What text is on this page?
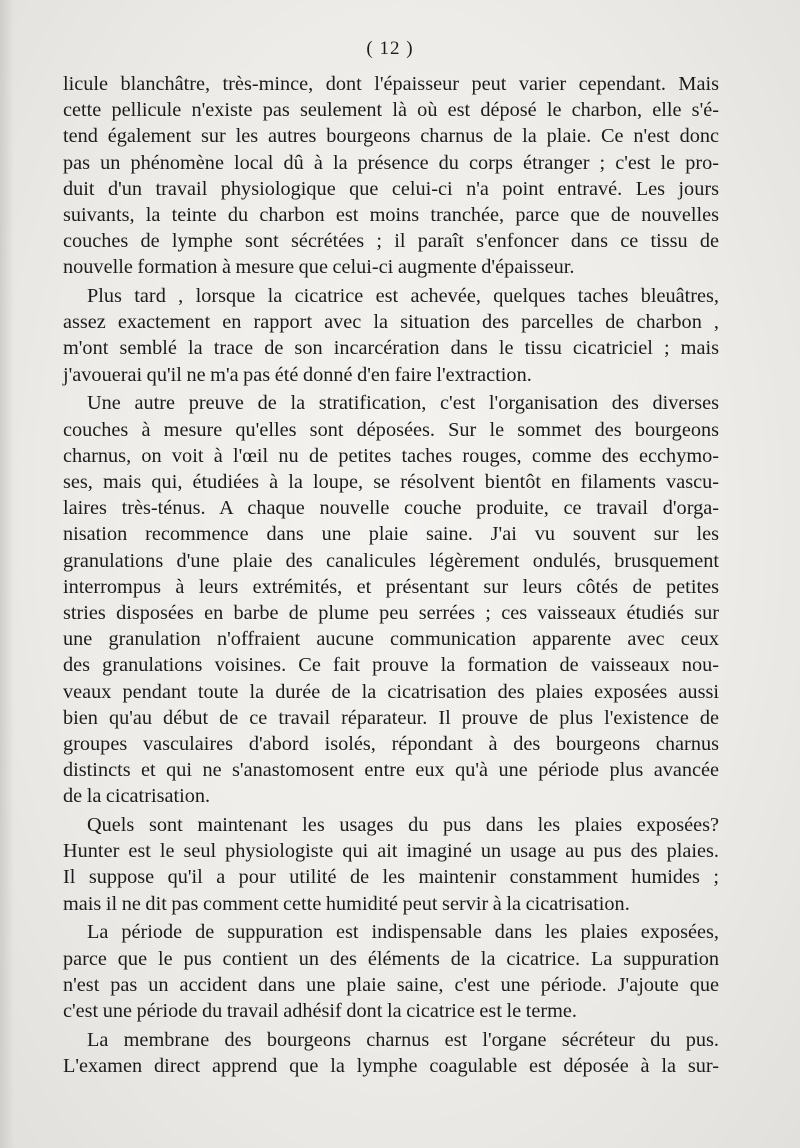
( 12 )
licule blanchâtre, très-mince, dont l'épaisseur peut varier cependant. Mais
cette pellicule n'existe pas seulement là où est déposé le charbon, elle s'é-
tend également sur les autres bourgeons charnus de la plaie. Ce n'est donc
pas un phénomène local dû à la présence du corps étranger ; c'est le pro-
duit d'un travail physiologique que celui-ci n'a point entravé. Les jours
suivants, la teinte du charbon est moins tranchée, parce que de nouvelles
couches de lymphe sont sécrétées ; il paraît s'enfoncer dans ce tissu de
nouvelle formation à mesure que celui-ci augmente d'épaisseur.
Plus tard , lorsque la cicatrice est achevée, quelques taches bleuâtres,
assez exactement en rapport avec la situation des parcelles de charbon ,
m'ont semblé la trace de son incarcération dans le tissu cicatriciel ; mais
j'avouerai qu'il ne m'a pas été donné d'en faire l'extraction.
Une autre preuve de la stratification, c'est l'organisation des diverses
couches à mesure qu'elles sont déposées. Sur le sommet des bourgeons
charnus, on voit à l'œil nu de petites taches rouges, comme des ecchymo-
ses, mais qui, étudiées à la loupe, se résolvent bientôt en filaments vascu-
laires très-ténus. A chaque nouvelle couche produite, ce travail d'orga-
nisation recommence dans une plaie saine. J'ai vu souvent sur les
granulations d'une plaie des canalicules légèrement ondulés, brusquement
interrompus à leurs extrémités, et présentant sur leurs côtés de petites
stries disposées en barbe de plume peu serrées ; ces vaisseaux étudiés sur
une granulation n'offraient aucune communication apparente avec ceux
des granulations voisines. Ce fait prouve la formation de vaisseaux nou-
veaux pendant toute la durée de la cicatrisation des plaies exposées aussi
bien qu'au début de ce travail réparateur. Il prouve de plus l'existence de
groupes vasculaires d'abord isolés, répondant à des bourgeons charnus
distincts et qui ne s'anastomosent entre eux qu'à une période plus avancée
de la cicatrisation.
Quels sont maintenant les usages du pus dans les plaies exposées?
Hunter est le seul physiologiste qui ait imaginé un usage au pus des plaies.
Il suppose qu'il a pour utilité de les maintenir constamment humides ;
mais il ne dit pas comment cette humidité peut servir à la cicatrisation.
La période de suppuration est indispensable dans les plaies exposées,
parce que le pus contient un des éléments de la cicatrice. La suppuration
n'est pas un accident dans une plaie saine, c'est une période. J'ajoute que
c'est une période du travail adhésif dont la cicatrice est le terme.
La membrane des bourgeons charnus est l'organe sécréteur du pus.
L'examen direct apprend que la lymphe coagulable est déposée à la sur-
